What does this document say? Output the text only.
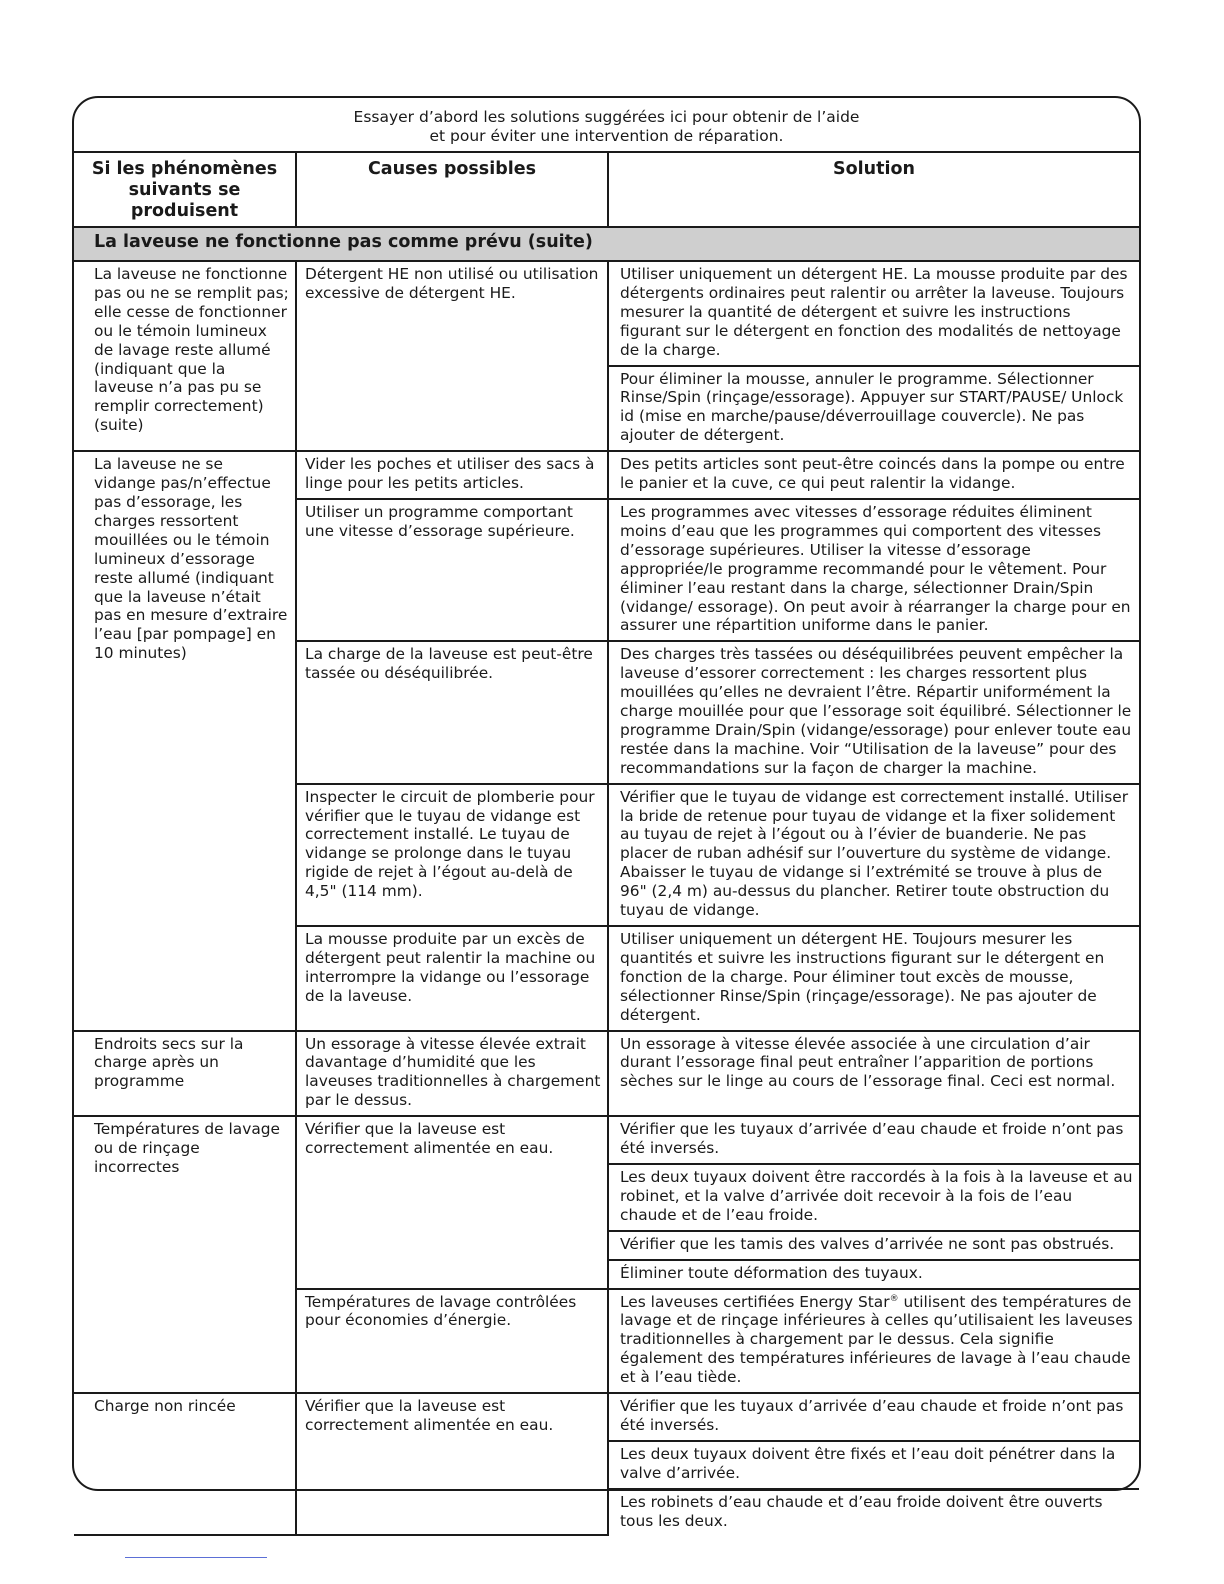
Essayer d’abord les solutions suggérées ici pour obtenir de l’aide
et pour éviter une intervention de réparation.
Si les phénomènes suivants se produisent	Causes possibles	Solution
La laveuse ne fonctionne pas comme prévu (suite)		
La laveuse ne fonctionne pas ou ne se remplit pas; elle cesse de fonctionner ou le témoin lumineux de lavage reste allumé (indiquant que la laveuse n’a pas pu se remplir correctement) (suite)	Détergent HE non utilisé ou utilisation excessive de détergent HE.	Utiliser uniquement un détergent HE. La mousse produite par des détergents ordinaires peut ralentir ou arrêter la laveuse. Toujours mesurer la quantité de détergent et suivre les instructions figurant sur le détergent en fonction des modalités de nettoyage de la charge.
		Pour éliminer la mousse, annuler le programme. Sélectionner Rinse/Spin (rinçage/essorage). Appuyer sur START/PAUSE/ Unlock id (mise en marche/pause/déverrouillage couvercle). Ne pas ajouter de détergent.
La laveuse ne se vidange pas/n’effectue pas d’essorage, les charges ressortent mouillées ou le témoin lumineux d’essorage reste allumé (indiquant que la laveuse n’était pas en mesure d’extraire l’eau [par pompage] en 10 minutes)	Vider les poches et utiliser des sacs à linge pour les petits articles.	Des petits articles sont peut-être coincés dans la pompe ou entre le panier et la cuve, ce qui peut ralentir la vidange.
	Utiliser un programme comportant une vitesse d’essorage supérieure.	Les programmes avec vitesses d’essorage réduites éliminent moins d’eau que les programmes qui comportent des vitesses d’essorage supérieures. Utiliser la vitesse d’essorage appropriée/le programme recommandé pour le vêtement. Pour éliminer l’eau restant dans la charge, sélectionner Drain/Spin (vidange/ essorage). On peut avoir à réarranger la charge pour en assurer une répartition uniforme dans le panier.
	La charge de la laveuse est peut-être tassée ou déséquilibrée.	Des charges très tassées ou déséquilibrées peuvent empêcher la laveuse d’essorer correctement : les charges ressortent plus mouillées qu’elles ne devraient l’être. Répartir uniformément la charge mouillée pour que l’essorage soit équilibré. Sélectionner le programme Drain/Spin (vidange/essorage) pour enlever toute eau restée dans la machine. Voir “Utilisation de la laveuse” pour des recommandations sur la façon de charger la machine.
	Inspecter le circuit de plomberie pour vérifier que le tuyau de vidange est correctement installé. Le tuyau de vidange se prolonge dans le tuyau rigide de rejet à l’égout au-delà de 4,5" (114 mm).	Vérifier que le tuyau de vidange est correctement installé. Utiliser la bride de retenue pour tuyau de vidange et la fixer solidement au tuyau de rejet à l’égout ou à l’évier de buanderie. Ne pas placer de ruban adhésif sur l’ouverture du système de vidange. Abaisser le tuyau de vidange si l’extrémité se trouve à plus de 96" (2,4 m) au-dessus du plancher. Retirer toute obstruction du tuyau de vidange.
	La mousse produite par un excès de détergent peut ralentir la machine ou interrompre la vidange ou l’essorage de la laveuse.	Utiliser uniquement un détergent HE. Toujours mesurer les quantités et suivre les instructions figurant sur le détergent en fonction de la charge. Pour éliminer tout excès de mousse, sélectionner Rinse/Spin (rinçage/essorage). Ne pas ajouter de détergent.
Endroits secs sur la charge après un programme	Un essorage à vitesse élevée extrait davantage d’humidité que les laveuses traditionnelles à chargement par le dessus.	Un essorage à vitesse élevée associée à une circulation d’air durant l’essorage final peut entraîner l’apparition de portions sèches sur le linge au cours de l’essorage final. Ceci est normal.
Températures de lavage ou de rinçage incorrectes	Vérifier que la laveuse est correctement alimentée en eau.	Vérifier que les tuyaux d’arrivée d’eau chaude et froide n’ont pas été inversés.
		Les deux tuyaux doivent être raccordés à la fois à la laveuse et au robinet, et la valve d’arrivée doit recevoir à la fois de l’eau chaude et de l’eau froide.
		Vérifier que les tamis des valves d’arrivée ne sont pas obstrués.
		Éliminer toute déformation des tuyaux.
	Températures de lavage contrôlées pour économies d’énergie.	Les laveuses certifiées Energy Star® utilisent des températures de lavage et de rinçage inférieures à celles qu’utilisaient les laveuses traditionnelles à chargement par le dessus. Cela signifie également des températures inférieures de lavage à l’eau chaude et à l’eau tiède.
Charge non rincée	Vérifier que la laveuse est correctement alimentée en eau.	Vérifier que les tuyaux d’arrivée d’eau chaude et froide n’ont pas été inversés.
		Les deux tuyaux doivent être fixés et l’eau doit pénétrer dans la valve d’arrivée.
		Les robinets d’eau chaude et d’eau froide doivent être ouverts tous les deux.
